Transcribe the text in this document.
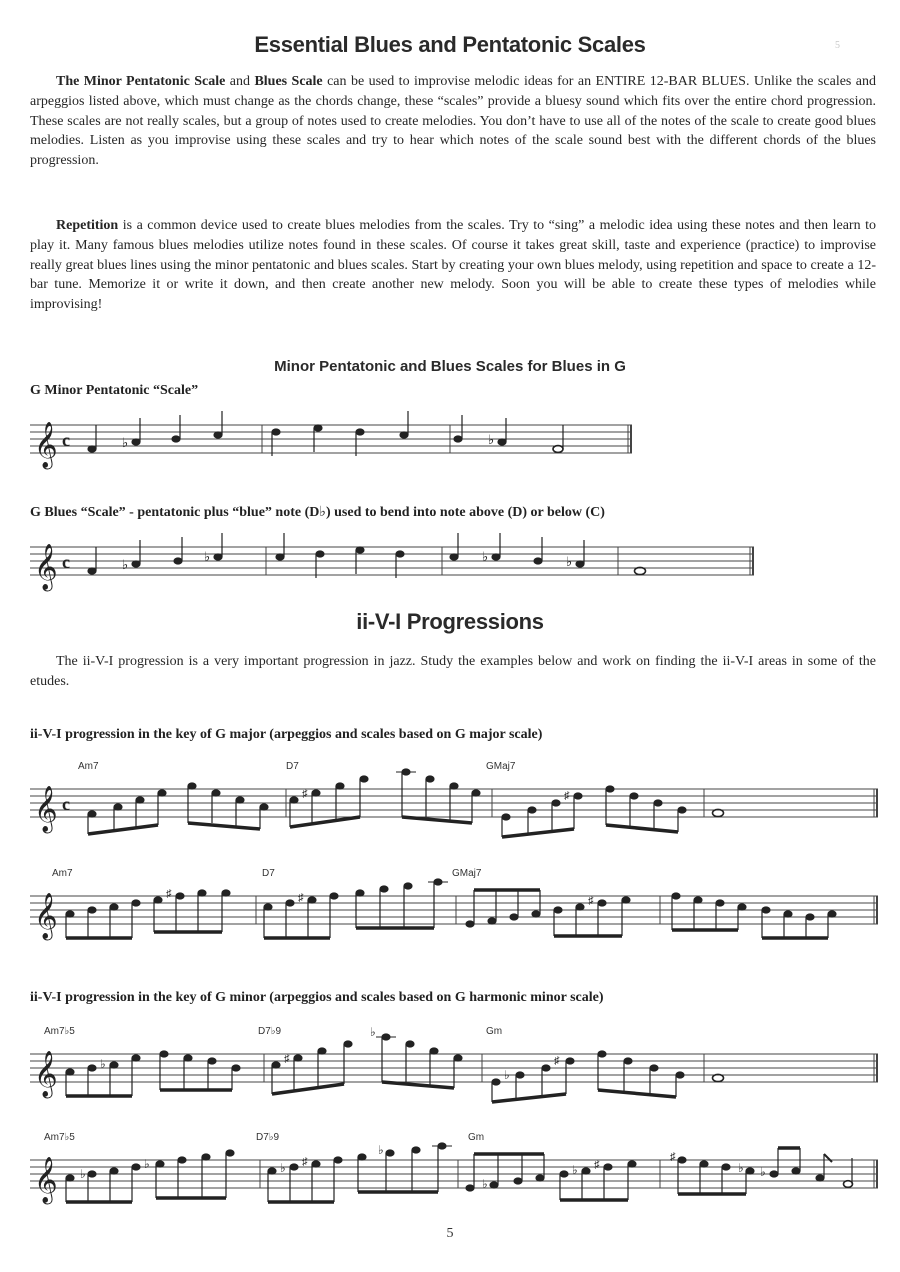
5
Essential Blues and Pentatonic Scales
The Minor Pentatonic Scale and Blues Scale can be used to improvise melodic ideas for an ENTIRE 12-BAR BLUES. Unlike the scales and arpeggios listed above, which must change as the chords change, these “scales” provide a bluesy sound which fits over the entire chord progression. These scales are not really scales, but a group of notes used to create melodies. You don’t have to use all of the notes of the scale to create good blues melodies. Listen as you improvise using these scales and try to hear which notes of the scale sound best with the different chords of the blues progression.
Repetition is a common device used to create blues melodies from the scales. Try to “sing” a melodic idea using these notes and then learn to play it. Many famous blues melodies utilize notes found in these scales. Of course it takes great skill, taste and experience (practice) to improvise really great blues lines using the minor pentatonic and blues scales. Start by creating your own blues melody, using repetition and space to create a 12-bar tune. Memorize it or write it down, and then create another new melody. Soon you will be able to create these types of melodies while improvising!
Minor Pentatonic and Blues Scales for Blues in G
G Minor Pentatonic “Scale”
𝄞 c	♭	♭
G Blues “Scale” - pentatonic plus “blue” note (D♭) used to bend into note above (D) or below (C)
𝄞 c	♭
♭	♭	♭
ii-V-I Progressions
The ii-V-I progression is a very important progression in jazz. Study the examples below and work on finding the ii-V-I areas in some of the etudes.
ii-V-I progression in the key of G major (arpeggios and scales based on G major scale)
Am7	D7	GMaj7
𝄞 c	♯	♯
Am7	D7	GMaj7
𝄞	♯	♯	♯
ii-V-I progression in the key of G minor (arpeggios and scales based on G harmonic minor scale)
Am7♭5	D7♭9	Gm
𝄞	♭	♯
♭
♭
♯
Am7♭5	D7♭9	Gm
𝄞 ♭
♭	♭ ♯
♭
♭
♭ ♯
♯
♭ ♭
5
